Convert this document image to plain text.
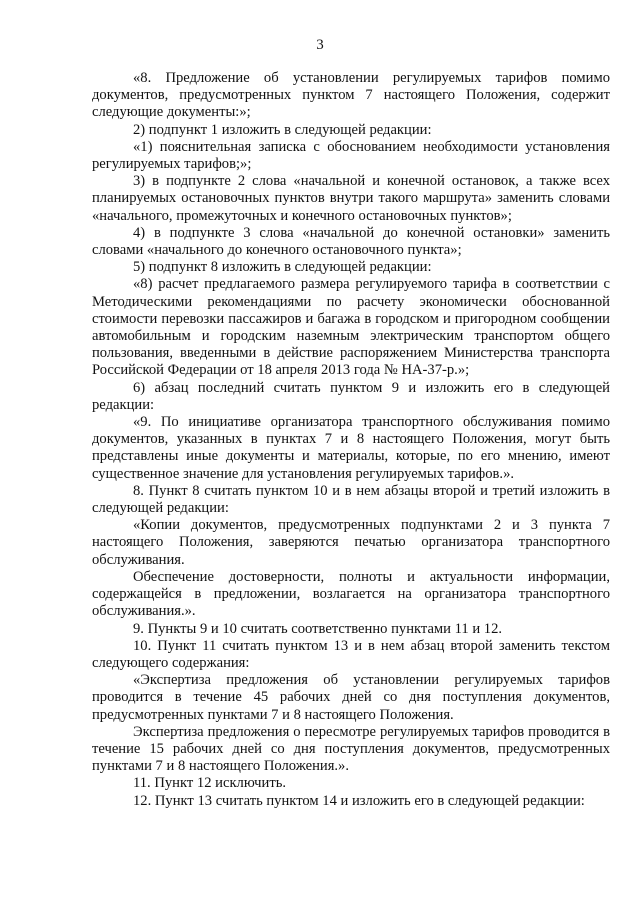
3

«8. Предложение об установлении регулируемых тарифов помимо документов, предусмотренных пунктом 7 настоящего Положения, содержит следующие документы:»;

2) подпункт 1 изложить в следующей редакции:

«1) пояснительная записка с обоснованием необходимости установления регулируемых тарифов;»;

3) в подпункте 2 слова «начальной и конечной остановок, а также всех планируемых остановочных пунктов внутри такого маршрута» заменить словами «начального, промежуточных и конечного остановочных пунктов»;

4) в подпункте 3 слова «начальной до конечной остановки» заменить словами «начального до конечного остановочного пункта»;

5) подпункт 8 изложить в следующей редакции:

«8) расчет предлагаемого размера регулируемого тарифа в соответствии с Методическими рекомендациями по расчету экономически обоснованной стоимости перевозки пассажиров и багажа в городском и пригородном сообщении автомобильным и городским наземным электрическим транспортом общего пользования, введенными в действие распоряжением Министерства транспорта Российской Федерации от 18 апреля 2013 года № НА-37-р.»;

6) абзац последний считать пунктом 9 и изложить его в следующей редакции:

«9. По инициативе организатора транспортного обслуживания помимо документов, указанных в пунктах 7 и 8 настоящего Положения, могут быть представлены иные документы и материалы, которые, по его мнению, имеют существенное значение для установления регулируемых тарифов.».

8. Пункт 8 считать пунктом 10 и в нем абзацы второй и третий изложить в следующей редакции:

«Копии документов, предусмотренных подпунктами 2 и 3 пункта 7 настоящего Положения, заверяются печатью организатора транспортного обслуживания.

Обеспечение достоверности, полноты и актуальности информации, содержащейся в предложении, возлагается на организатора транспортного обслуживания.».

9. Пункты 9 и 10 считать соответственно пунктами 11 и 12.

10. Пункт 11 считать пунктом 13 и в нем абзац второй заменить текстом следующего содержания:

«Экспертиза предложения об установлении регулируемых тарифов проводится в течение 45 рабочих дней со дня поступления документов, предусмотренных пунктами 7 и 8 настоящего Положения.

Экспертиза предложения о пересмотре регулируемых тарифов проводится в течение 15 рабочих дней со дня поступления документов, предусмотренных пунктами 7 и 8 настоящего Положения.».

11. Пункт 12 исключить.

12. Пункт 13 считать пунктом 14 и изложить его в следующей редакции:
